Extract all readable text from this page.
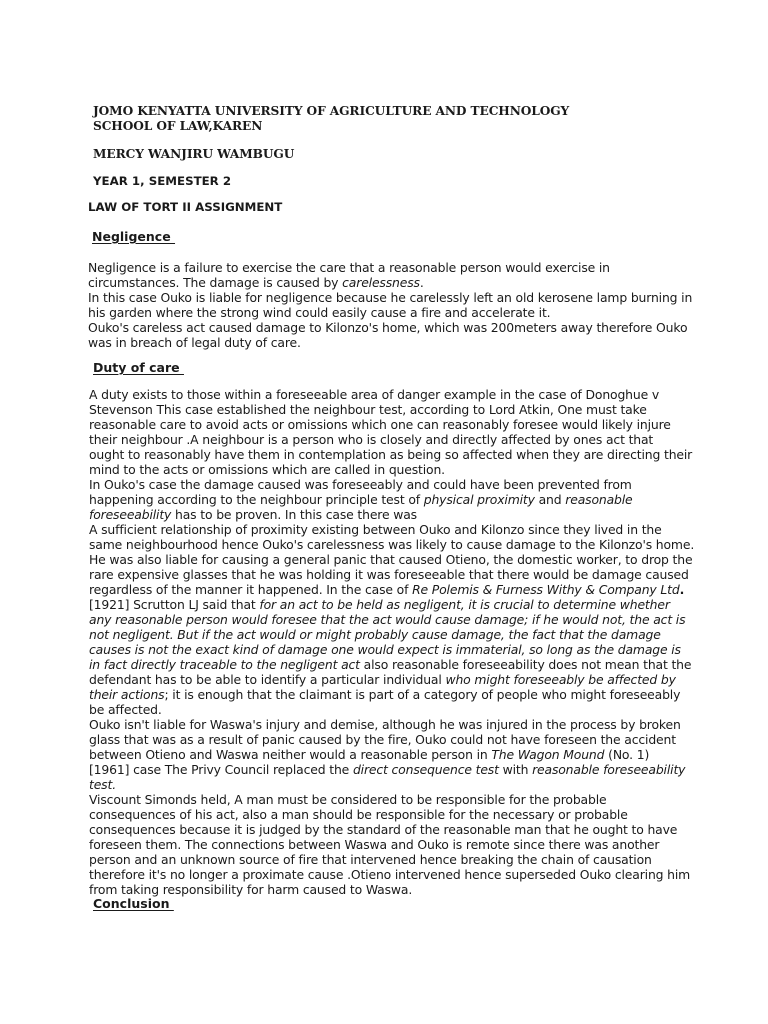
JOMO KENYATTA UNIVERSITY OF AGRICULTURE AND TECHNOLOGY
SCHOOL OF LAW,KAREN
MERCY WANJIRU WAMBUGU
YEAR 1, SEMESTER 2
LAW OF TORT II ASSIGNMENT
Negligence
Negligence is a failure to exercise the care that a reasonable person would exercise in
circumstances. The damage is caused by carelessness.
In this case Ouko is liable for negligence because he carelessly left an old kerosene lamp burning in
his garden where the strong wind could easily cause a fire and accelerate it.
Ouko's careless act caused damage to Kilonzo's home, which was 200meters away therefore Ouko
was in breach of legal duty of care.
Duty of care
A duty exists to those within a foreseeable area of danger example in the case of Donoghue v
Stevenson This case established the neighbour test, according to Lord Atkin, One must take
reasonable care to avoid acts or omissions which one can reasonably foresee would likely injure
their neighbour .A neighbour is a person who is closely and directly affected by ones act that
ought to reasonably have them in contemplation as being so affected when they are directing their
mind to the acts or omissions which are called in question.
In Ouko's case the damage caused was foreseeably and could have been prevented from
happening according to the neighbour principle test of physical proximity and reasonable
foreseeability has to be proven. In this case there was
A sufficient relationship of proximity existing between Ouko and Kilonzo since they lived in the
same neighbourhood hence Ouko's carelessness was likely to cause damage to the Kilonzo's home.
He was also liable for causing a general panic that caused Otieno, the domestic worker, to drop the
rare expensive glasses that he was holding it was foreseeable that there would be damage caused
regardless of the manner it happened. In the case of Re Polemis & Furness Withy & Company Ltd.
[1921] Scrutton LJ said that for an act to be held as negligent, it is crucial to determine whether
any reasonable person would foresee that the act would cause damage; if he would not, the act is
not negligent. But if the act would or might probably cause damage, the fact that the damage
causes is not the exact kind of damage one would expect is immaterial, so long as the damage is
in fact directly traceable to the negligent act also reasonable foreseeability does not mean that the
defendant has to be able to identify a particular individual who might foreseeably be affected by
their actions; it is enough that the claimant is part of a category of people who might foreseeably
be affected.
Ouko isn't liable for Waswa's injury and demise, although he was injured in the process by broken
glass that was as a result of panic caused by the fire, Ouko could not have foreseen the accident
between Otieno and Waswa neither would a reasonable person in The Wagon Mound (No. 1)
[1961] case The Privy Council replaced the direct consequence test with reasonable foreseeability
test.
Viscount Simonds held, A man must be considered to be responsible for the probable
consequences of his act, also a man should be responsible for the necessary or probable
consequences because it is judged by the standard of the reasonable man that he ought to have
foreseen them. The connections between Waswa and Ouko is remote since there was another
person and an unknown source of fire that intervened hence breaking the chain of causation
therefore it's no longer a proximate cause .Otieno intervened hence superseded Ouko clearing him
from taking responsibility for harm caused to Waswa.
Conclusion
